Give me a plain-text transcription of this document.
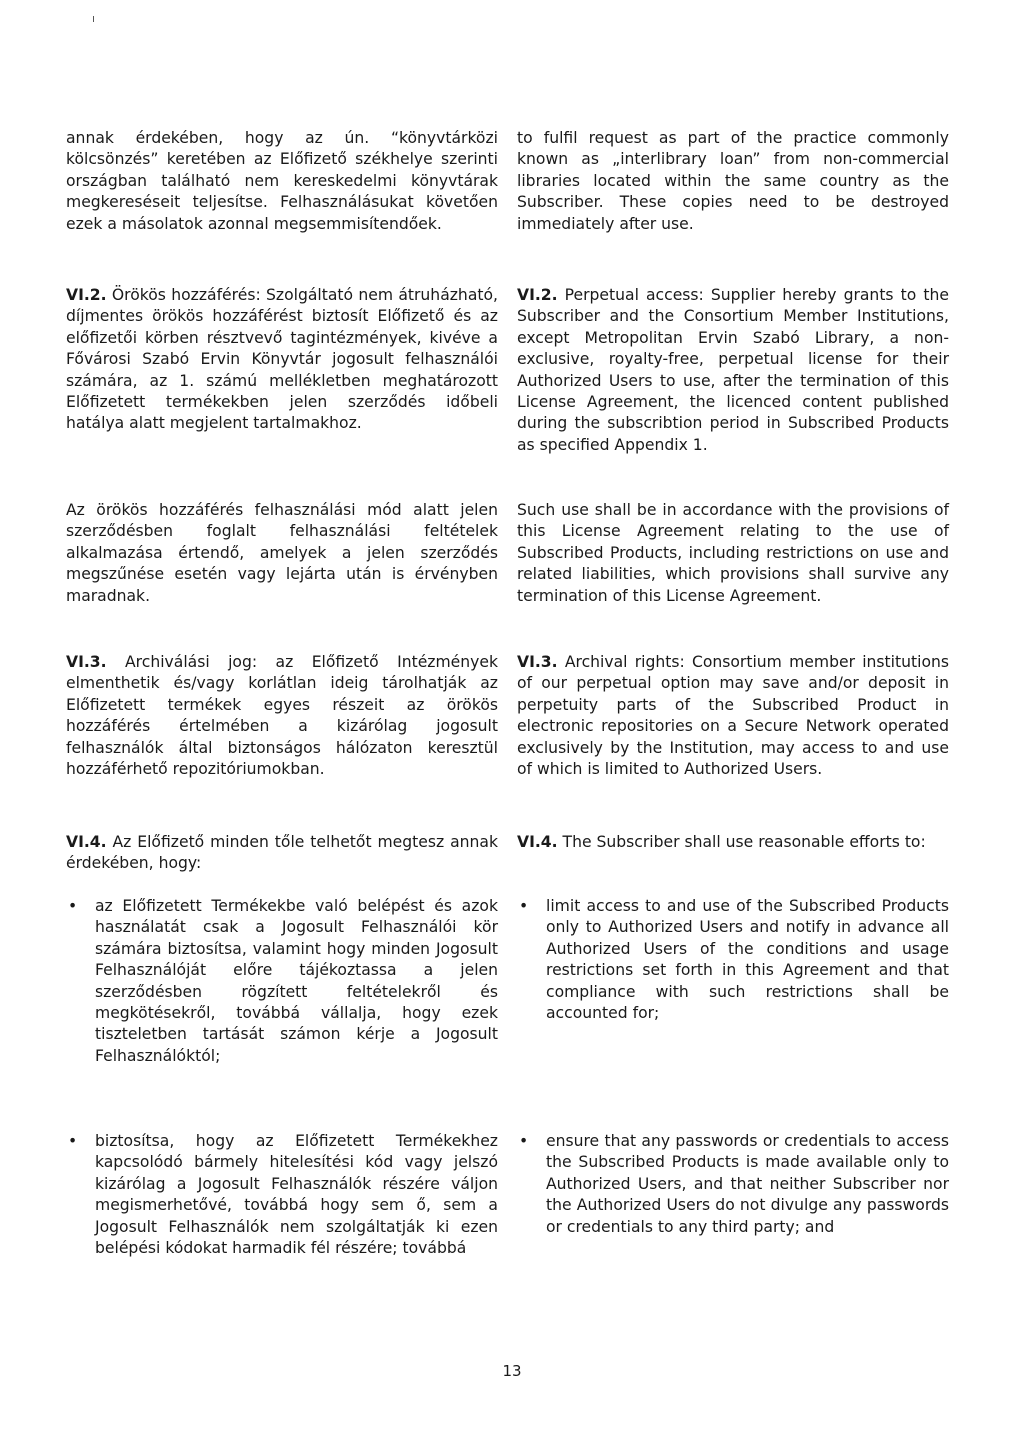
annak érdekében, hogy az ún. “könyvtárközi kölcsönzés” keretében az Előfizető székhelye szerinti országban található nem kereskedelmi könyvtárak megkereséseit teljesítse. Felhasználásukat követően ezek a másolatok azonnal megsemmisítendőek.

VI.2. Örökös hozzáférés: Szolgáltató nem átruházható, díjmentes örökös hozzáférést biztosít Előfizető és az előfizetői körben résztvevő tagintézmények, kivéve a Fővárosi Szabó Ervin Könyvtár jogosult felhasználói számára, az 1. számú mellékletben meghatározott Előfizetett termékekben jelen szerződés időbeli hatálya alatt megjelent tartalmakhoz.

Az örökös hozzáférés felhasználási mód alatt jelen szerződésben foglalt felhasználási feltételek alkalmazása értendő, amelyek a jelen szerződés megszűnése esetén vagy lejárta után is érvényben maradnak.

VI.3. Archiválási jog: az Előfizető Intézmények elmenthetik és/vagy korlátlan ideig tárolhatják az Előfizetett termékek egyes részeit az örökös hozzáférés értelmében a kizárólag jogosult felhasználók által biztonságos hálózaton keresztül hozzáférhető repozitóriumokban.

VI.4. Az Előfizető minden tőle telhetőt megtesz annak érdekében, hogy:

• az Előfizetett Termékekbe való belépést és azok használatát csak a Jogosult Felhasználói kör számára biztosítsa, valamint hogy minden Jogosult Felhasználóját előre tájékoztassa a jelen szerződésben rögzített feltételekről és megkötésekről, továbbá vállalja, hogy ezek tiszteletben tartását számon kérje a Jogosult Felhasználóktól;

• biztosítsa, hogy az Előfizetett Termékekhez kapcsolódó bármely hitelesítési kód vagy jelszó kizárólag a Jogosult Felhasználók részére váljon megismerhetővé, továbbá hogy sem ő, sem a Jogosult Felhasználók nem szolgáltatják ki ezen belépési kódokat harmadik fél részére; továbbá

to fulfil request as part of the practice commonly known as „interlibrary loan” from non-commercial libraries located within the same country as the Subscriber. These copies need to be destroyed immediately after use.

VI.2. Perpetual access: Supplier hereby grants to the Subscriber and the Consortium Member Institutions, except Metropolitan Ervin Szabó Library, a non-exclusive, royalty-free, perpetual license for their Authorized Users to use, after the termination of this License Agreement, the licenced content published during the subscribtion period in Subscribed Products as specified Appendix 1.

Such use shall be in accordance with the provisions of this License Agreement relating to the use of Subscribed Products, including restrictions on use and related liabilities, which provisions shall survive any termination of this License Agreement.

VI.3. Archival rights: Consortium member institutions of our perpetual option may save and/or deposit in perpetuity parts of the Subscribed Product in electronic repositories on a Secure Network operated exclusively by the Institution, may access to and use of which is limited to Authorized Users.

VI.4. The Subscriber shall use reasonable efforts to:

• limit access to and use of the Subscribed Products only to Authorized Users and notify in advance all Authorized Users of the conditions and usage restrictions set forth in this Agreement and that compliance with such restrictions shall be accounted for;

• ensure that any passwords or credentials to access the Subscribed Products is made available only to Authorized Users, and that neither Subscriber nor the Authorized Users do not divulge any passwords or credentials to any third party; and

13
